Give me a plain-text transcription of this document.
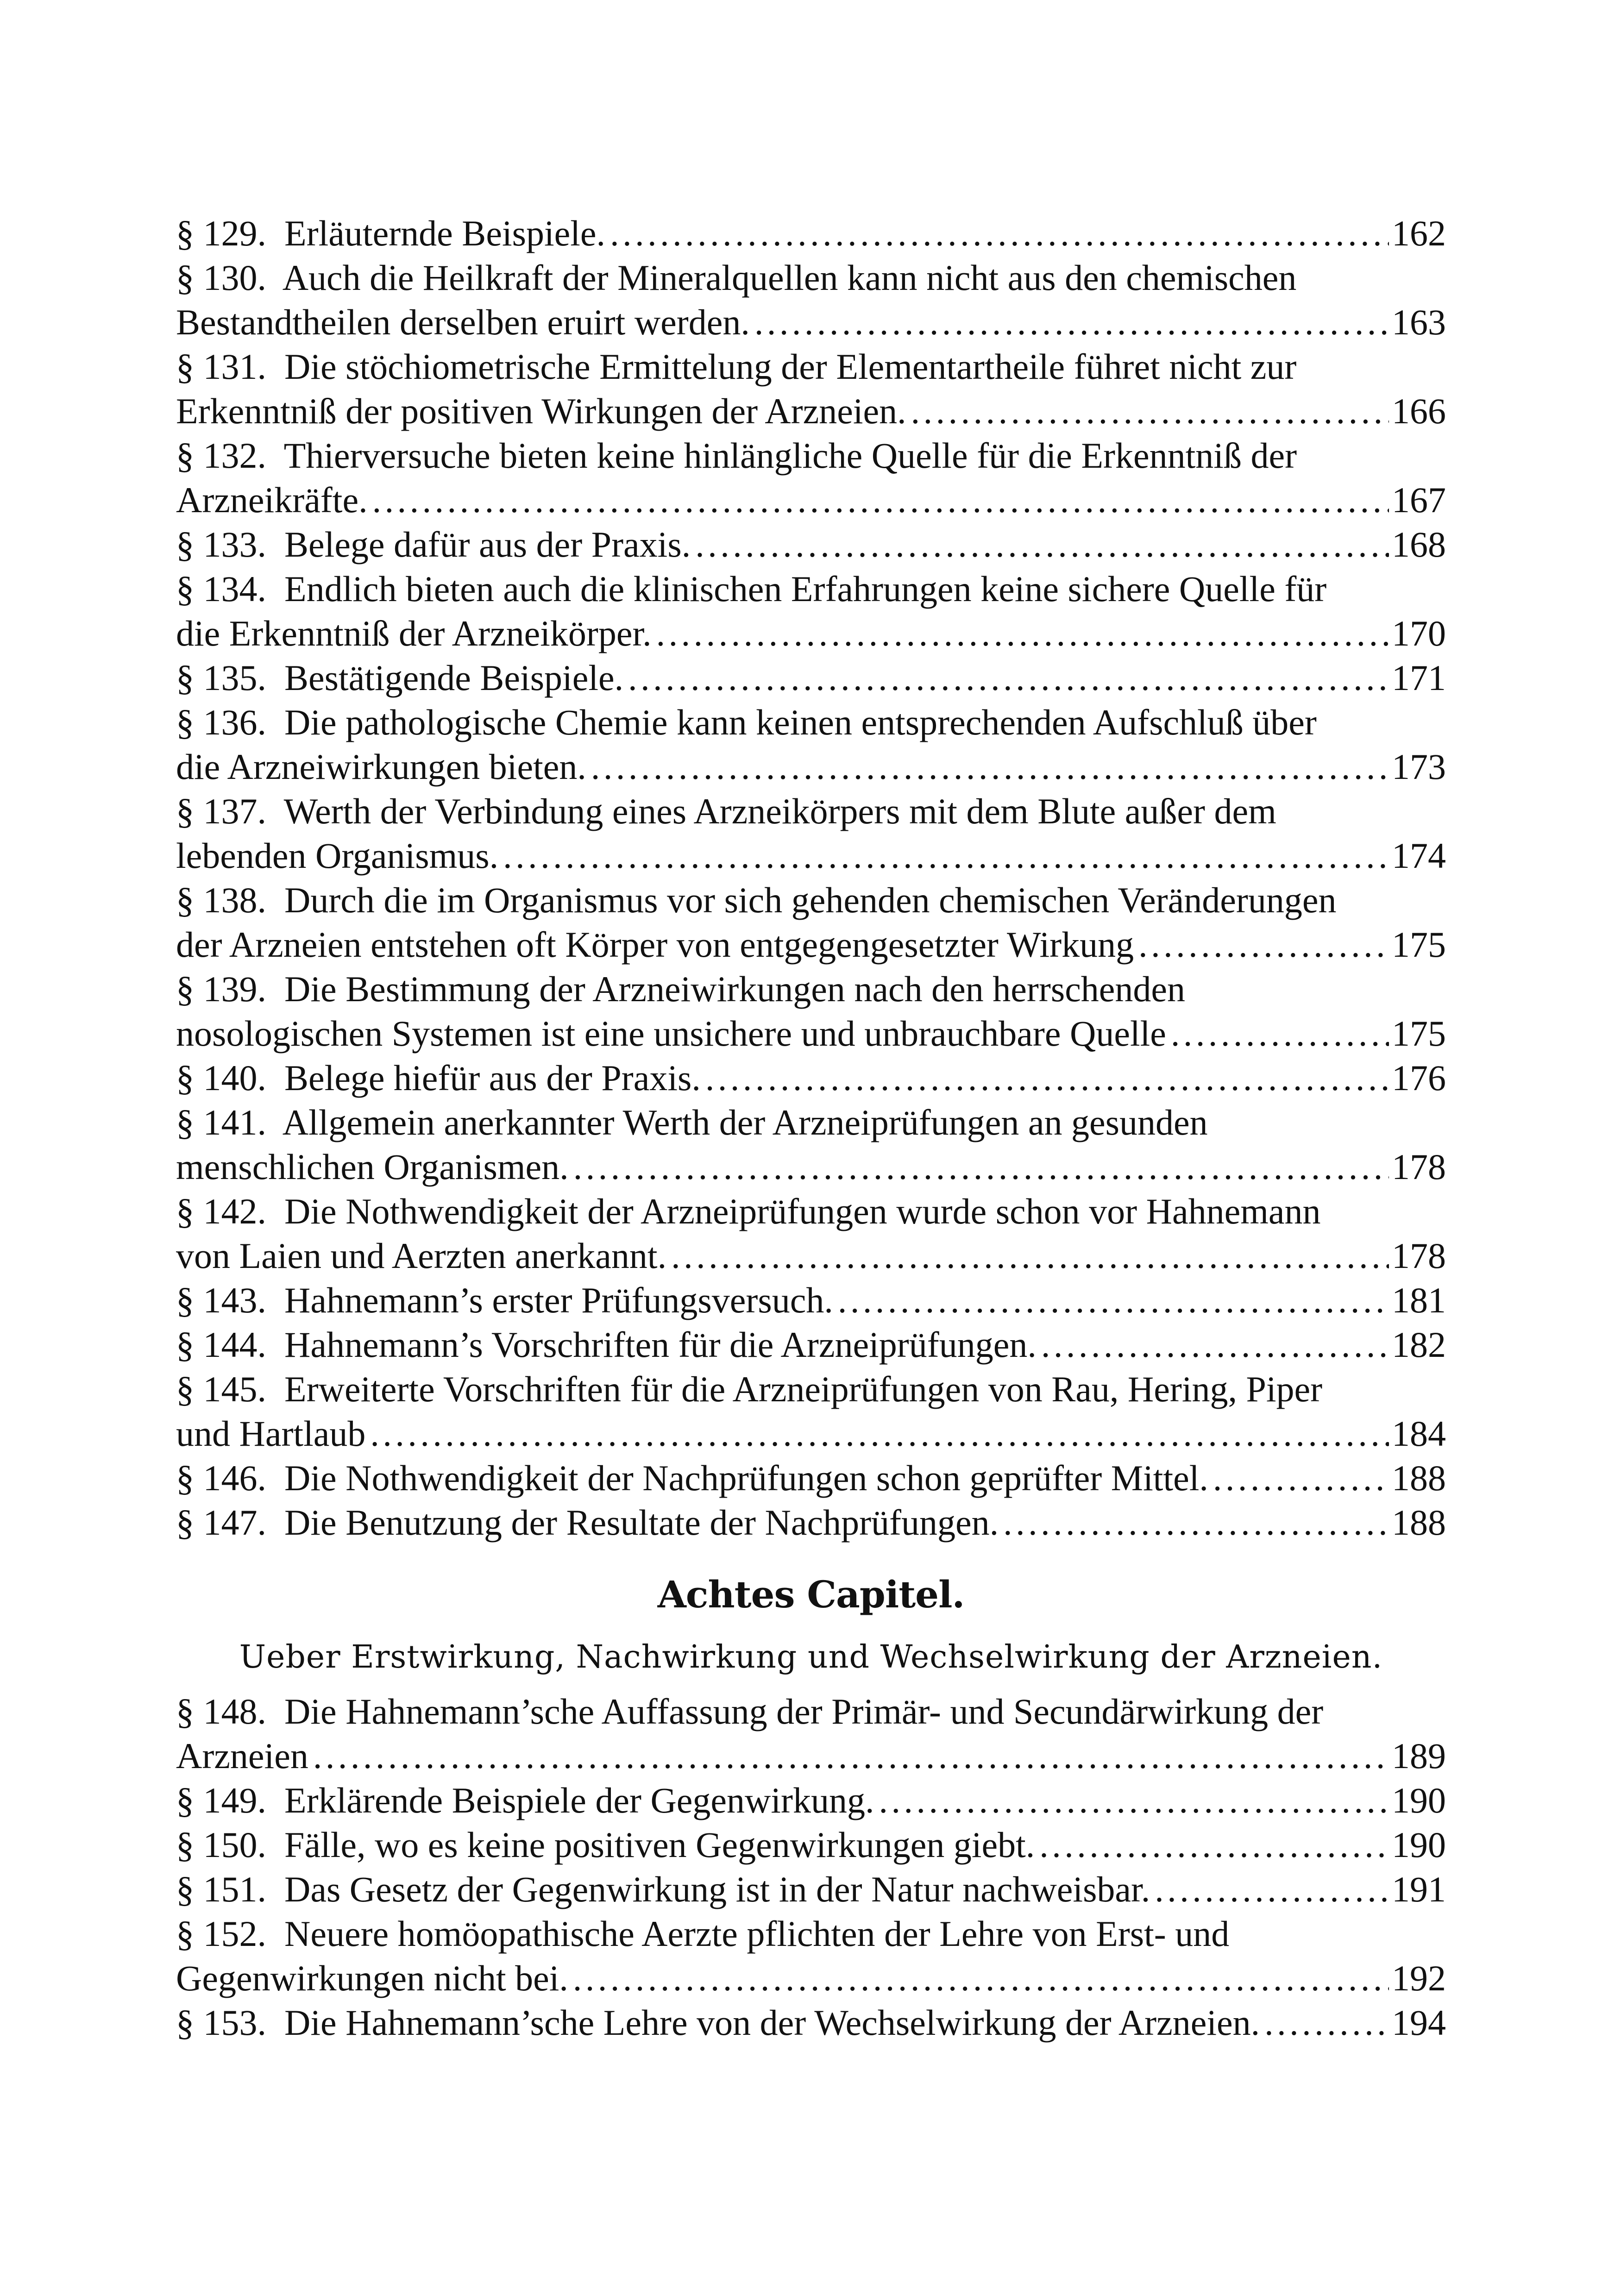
§ 129.  Erläuternde Beispiele. . . .	162
§ 130.  Auch die Heilkraft der Mineralquellen kann nicht aus den chemischen
Bestandtheilen derselben eruirt werden. . . .	163
§ 131.  Die stöchiometrische Ermittelung der Elementartheile führet nicht zur
Erkenntniß der positiven Wirkungen der Arzneien. . . .	166
§ 132.  Thierversuche bieten keine hinlängliche Quelle für die Erkenntniß der
Arzneikräfte. . . .	167
§ 133.  Belege dafür aus der Praxis. . . .	168
§ 134.  Endlich bieten auch die klinischen Erfahrungen keine sichere Quelle für
die Erkenntniß der Arzneikörper. . . .	170
§ 135.  Bestätigende Beispiele. . . .	171
§ 136.  Die pathologische Chemie kann keinen entsprechenden Aufschluß über
die Arzneiwirkungen bieten. . . .	173
§ 137.  Werth der Verbindung eines Arzneikörpers mit dem Blute außer dem
lebenden Organismus. . . .	174
§ 138.  Durch die im Organismus vor sich gehenden chemischen Veränderungen
der Arzneien entstehen oft Körper von entgegengesetzter Wirkung . . .	175
§ 139.  Die Bestimmung der Arzneiwirkungen nach den herrschenden
nosologischen Systemen ist eine unsichere und unbrauchbare Quelle . . .	175
§ 140.  Belege hiefür aus der Praxis. . . .	176
§ 141.  Allgemein anerkannter Werth der Arzneiprüfungen an gesunden
menschlichen Organismen. . . .	178
§ 142.  Die Nothwendigkeit der Arzneiprüfungen wurde schon vor Hahnemann
von Laien und Aerzten anerkannt. . . .	178
§ 143.  Hahnemann’s erster Prüfungsversuch. . . .	181
§ 144.  Hahnemann’s Vorschriften für die Arzneiprüfungen. . . .	182
§ 145.  Erweiterte Vorschriften für die Arzneiprüfungen von Rau, Hering, Piper
und Hartlaub . . .	184
§ 146.  Die Nothwendigkeit der Nachprüfungen schon geprüfter Mittel. . . .	188
§ 147.  Die Benutzung der Resultate der Nachprüfungen. . . .	188
Achtes Capitel.
Ueber Erstwirkung, Nachwirkung und Wechselwirkung der Arzneien.
§ 148.  Die Hahnemann’sche Auffassung der Primär- und Secundärwirkung der
Arzneien . . .	189
§ 149.  Erklärende Beispiele der Gegenwirkung. . . .	190
§ 150.  Fälle, wo es keine positiven Gegenwirkungen giebt. . . .	190
§ 151.  Das Gesetz der Gegenwirkung ist in der Natur nachweisbar. . . .	191
§ 152.  Neuere homöopathische Aerzte pflichten der Lehre von Erst- und
Gegenwirkungen nicht bei. . . .	192
§ 153.  Die Hahnemann’sche Lehre von der Wechselwirkung der Arzneien. . . .	194
